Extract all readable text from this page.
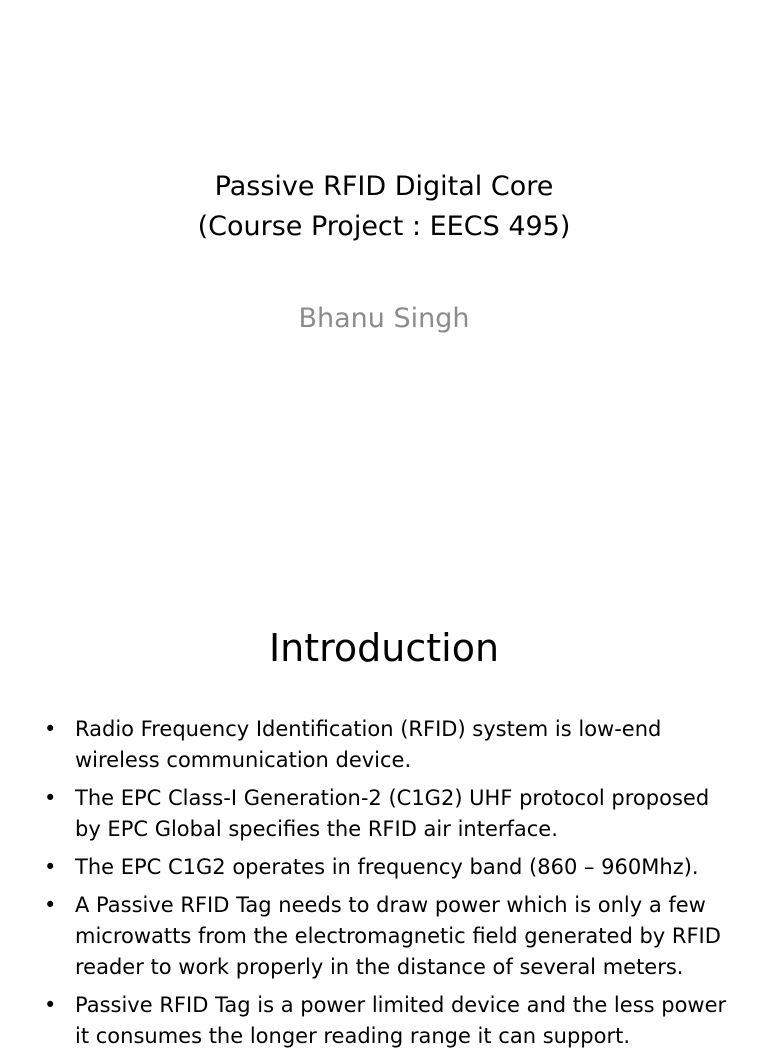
Passive RFID Digital Core
(Course Project : EECS 495)
Bhanu Singh
Introduction
• Radio Frequency Identification (RFID) system is low-end
wireless communication device.
• The EPC Class-I Generation-2 (C1G2) UHF protocol proposed
by EPC Global specifies the RFID air interface.
• The EPC C1G2 operates in frequency band (860 – 960Mhz).
• A Passive RFID Tag needs to draw power which is only a few
microwatts from the electromagnetic field generated by RFID
reader to work properly in the distance of several meters.
• Passive RFID Tag is a power limited device and the less power
it consumes the longer reading range it can support.
